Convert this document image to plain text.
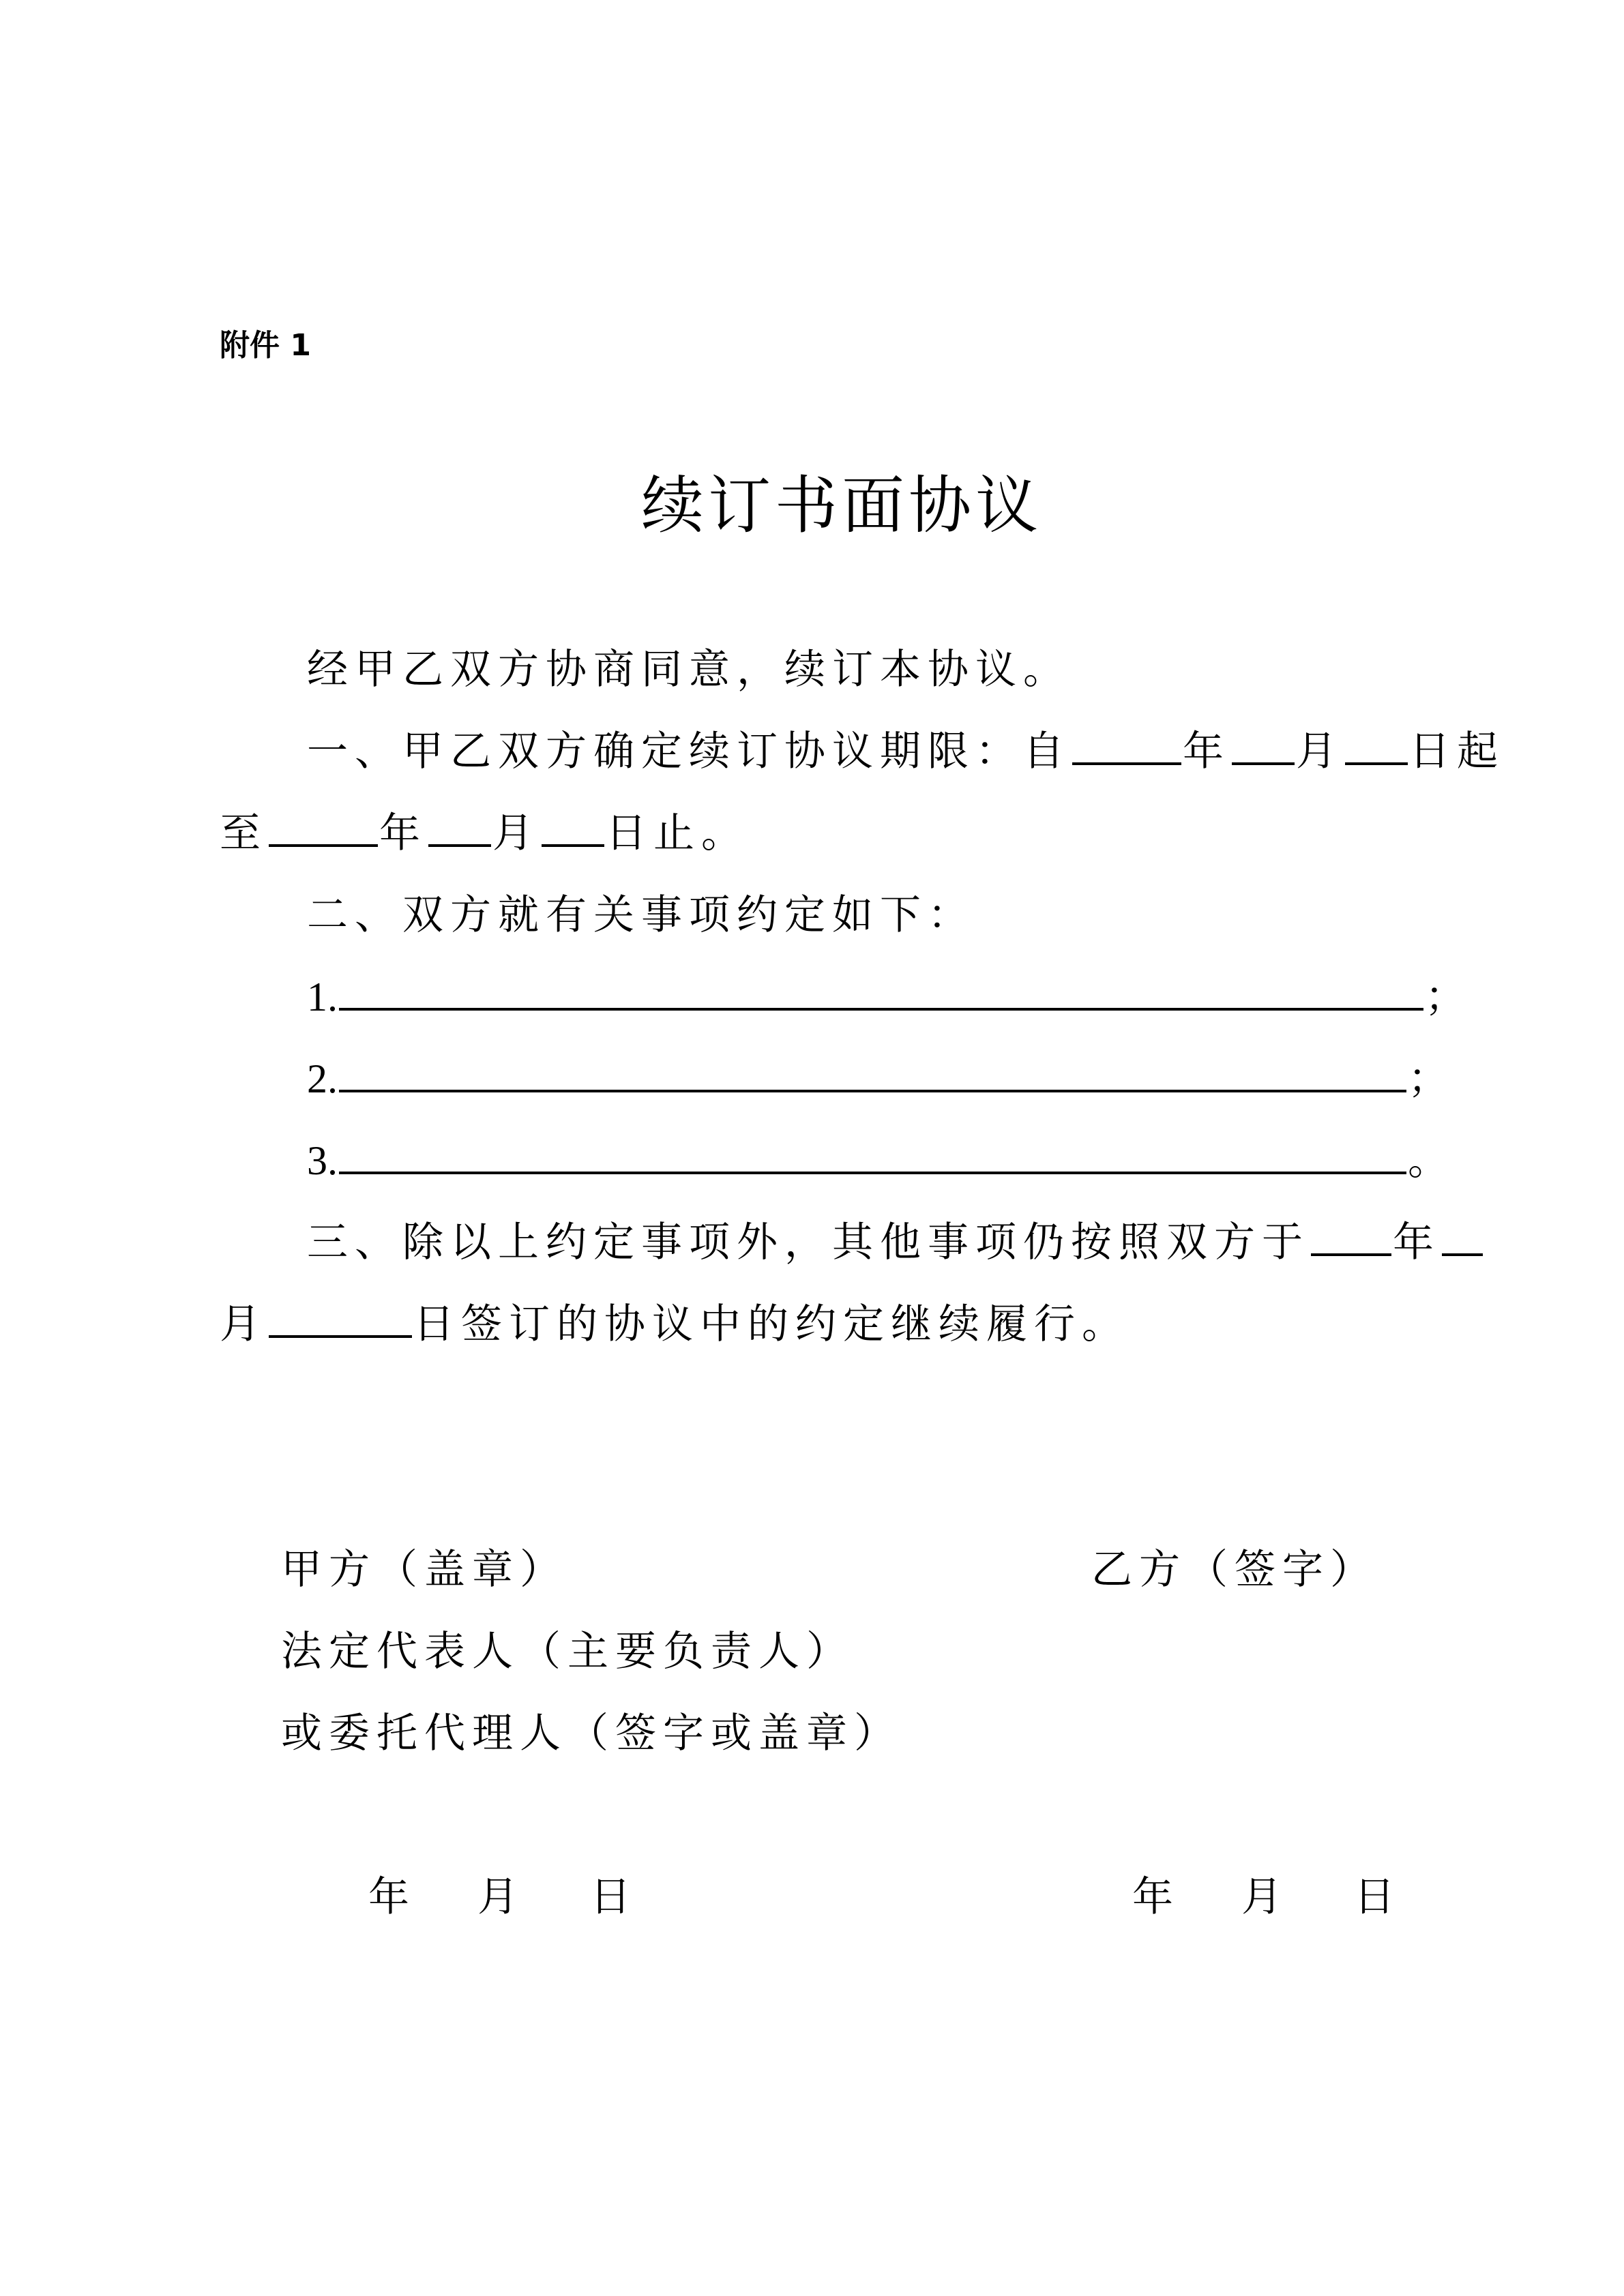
附件 1
续订书面协议
经甲乙双方协商同意，续订本协议。
一、甲乙双方确定续订协议期限：自	年 月 日起
至	年 月 日止。
二、双方就有关事项约定如下：
1.	；
2.	；
3.	。
三、除以上约定事项外，其他事项仍按照双方于 年
月	日签订的协议中的约定继续履行。
甲方（盖章）	乙方（签字）
法定代表人（主要负责人）
或委托代理人（签字或盖章）
年 月 日	年 月 日
